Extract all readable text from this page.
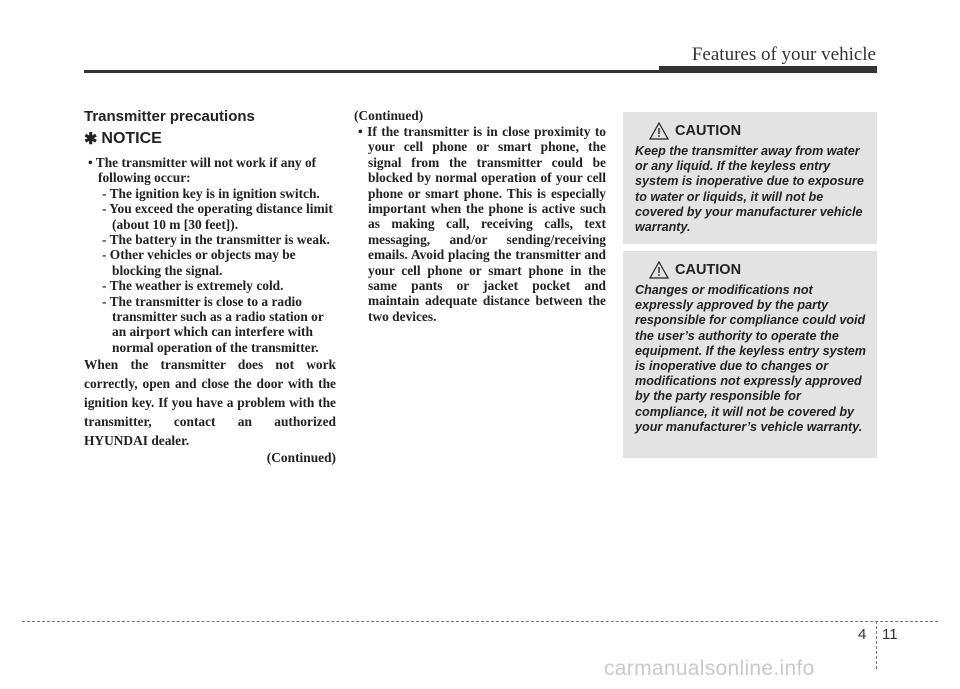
Features of your vehicle

Transmitter precautions

✱ NOTICE

• The transmitter will not work if any of following occur:

- The ignition key is in ignition switch.

- You exceed the operating distance limit (about 10 m [30 feet]).

- The battery in the transmitter is weak.

- Other vehicles or objects may be blocking the signal.

- The weather is extremely cold.

- The transmitter is close to a radio transmitter such as a radio station or an airport which can interfere with normal operation of the transmitter.

When the transmitter does not work correctly, open and close the door with the ignition key. If you have a problem with the transmitter, contact an authorized HYUNDAI dealer.

(Continued)

(Continued)

• If the transmitter is in close proximity to your cell phone or smart phone, the signal from the transmitter could be blocked by normal operation of your cell phone or smart phone. This is especially important when the phone is active such as making call, receiving calls, text messaging, and/or sending/receiving emails. Avoid placing the transmitter and your cell phone or smart phone in the same pants or jacket pocket and maintain adequate distance between the two devices.

CAUTION

Keep the transmitter away from water or any liquid. If the keyless entry system is inoperative due to exposure to water or liquids, it will not be covered by your manufacturer vehicle warranty.

CAUTION

Changes or modifications not expressly approved by the party responsible for compliance could void the user’s authority to operate the equipment. If the keyless entry system is inoperative due to changes or modifications not expressly approved by the party responsible for compliance, it will not be covered by your manufacturer’s vehicle warranty.

4 11
carmanualsonline.info
